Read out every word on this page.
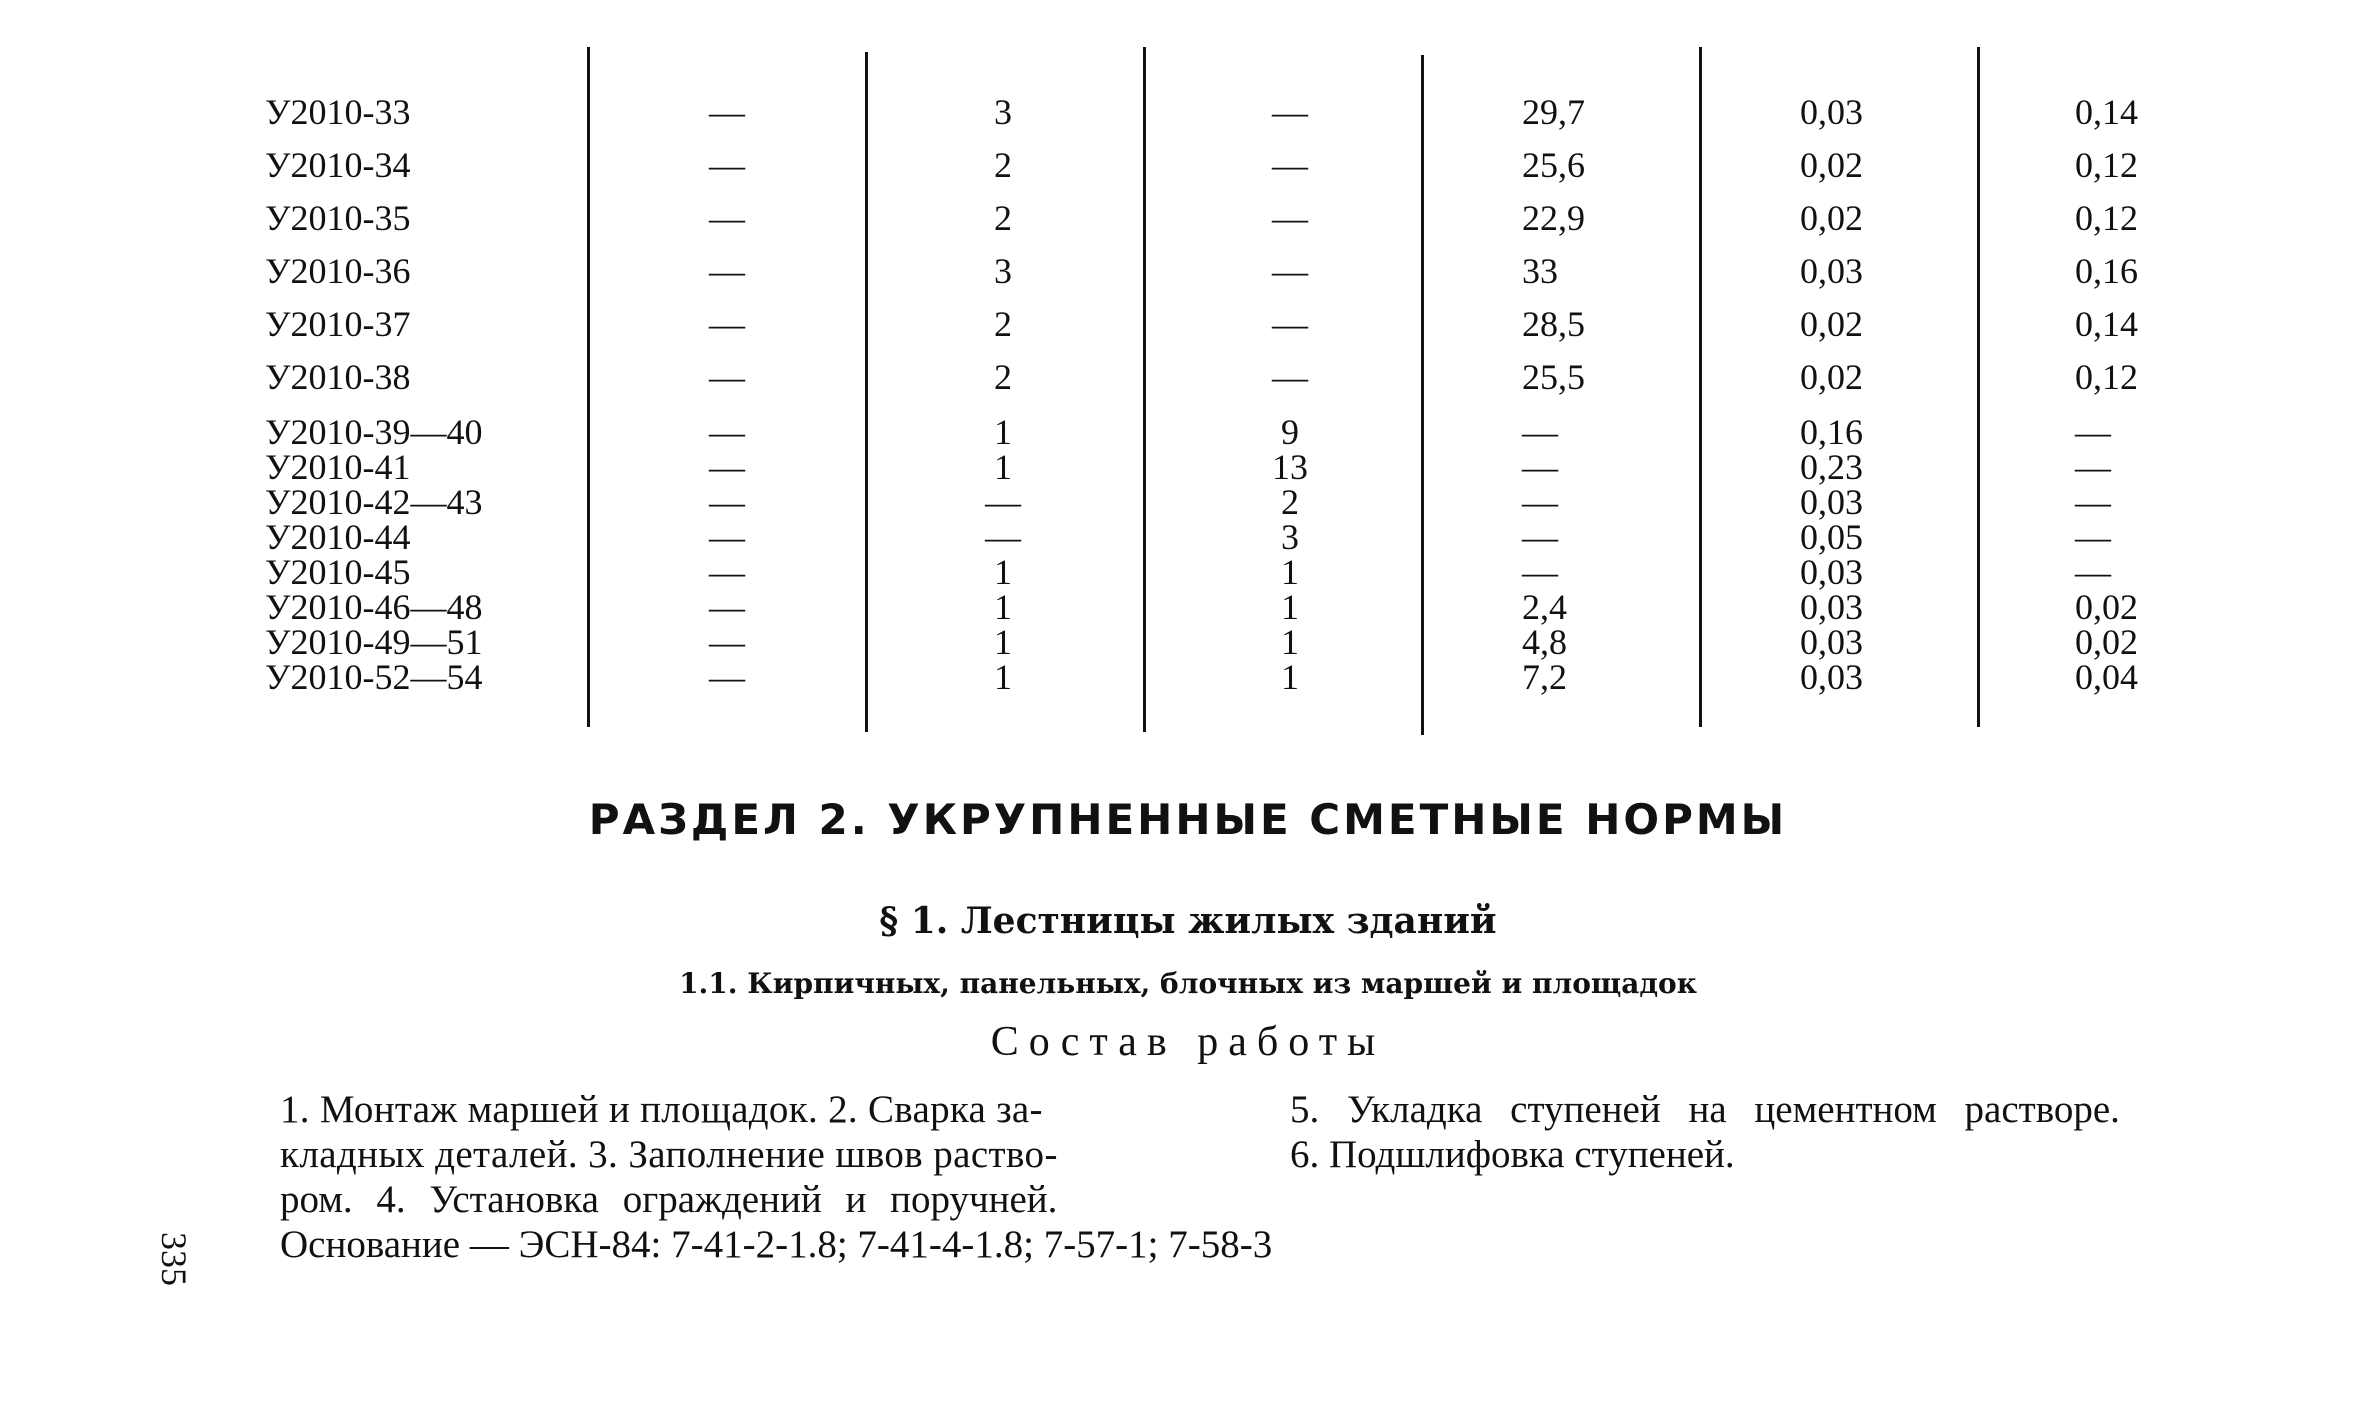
У2010-33	—	3	—	29,7	0,03	0,14
У2010-34	—	2	—	25,6	0,02	0,12
У2010-35	—	2	—	22,9	0,02	0,12
У2010-36	—	3	—	33	0,03	0,16
У2010-37	—	2	—	28,5	0,02	0,14
У2010-38	—	2	—	25,5	0,02	0,12
У2010-39—40	—	1	9	—	0,16	—
У2010-41	—	1	13	—	0,23	—
У2010-42—43	—	—	2	—	0,03	—
У2010-44	—	—	3	—	0,05	—
У2010-45	—	1	1	—	0,03	—
У2010-46—48	—	1	1	2,4	0,03	0,02
У2010-49—51	—	1	1	4,8	0,03	0,02
У2010-52—54	—	1	1	7,2	0,03	0,04
РАЗДЕЛ 2. УКРУПНЕННЫЕ СМЕТНЫЕ НОРМЫ
§ 1. Лестницы жилых зданий
1.1. Кирпичных, панельных, блочных из маршей и площадок
Состав работы
1. Монтаж маршей и площадок. 2. Сварка за-
кладных деталей. 3. Заполнение швов раство-
ром. 4. Установка ограждений и поручней.
5. Укладка ступеней на цементном растворе.
6. Подшлифовка ступеней.
Основание — ЭСН-84: 7-41-2-1.8; 7-41-4-1.8; 7-57-1; 7-58-3
335
